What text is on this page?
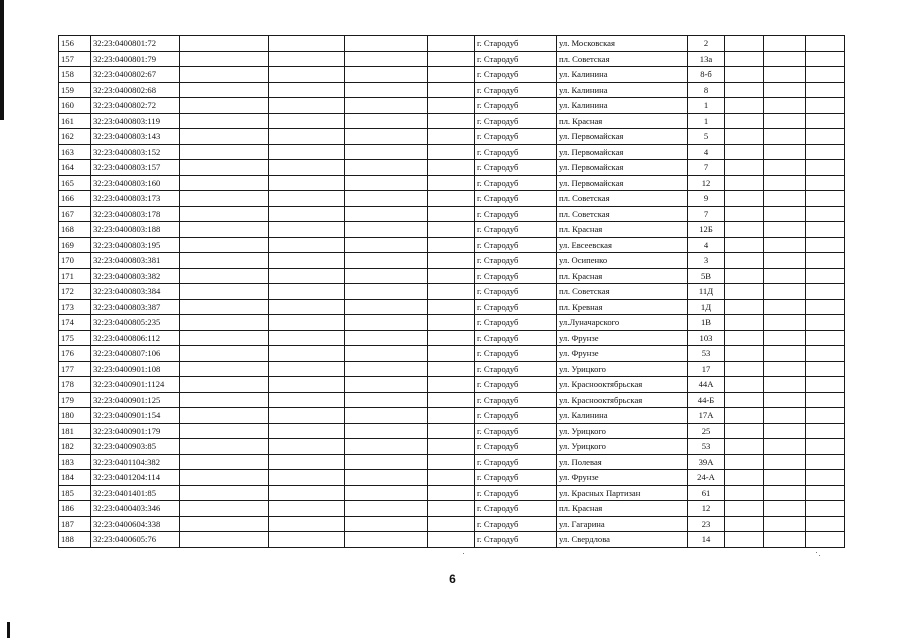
156	32:23:0400801:72					г. Стародуб	ул. Московская	2			
157	32:23:0400801:79					г. Стародуб	пл. Советская	13а			
158	32:23:0400802:67					г. Стародуб	ул. Калинина	8-б			
159	32:23:0400802:68					г. Стародуб	ул. Калинина	8			
160	32:23:0400802:72					г. Стародуб	ул. Калинина	1			
161	32:23:0400803:119					г. Стародуб	пл. Красная	1			
162	32:23:0400803:143					г. Стародуб	ул. Первомайская	5			
163	32:23:0400803:152					г. Стародуб	ул. Первомайская	4			
164	32:23:0400803:157					г. Стародуб	ул. Первомайская	7			
165	32:23:0400803:160					г. Стародуб	ул. Первомайская	12			
166	32:23:0400803:173					г. Стародуб	пл. Советская	9			
167	32:23:0400803:178					г. Стародуб	пл. Советская	7			
168	32:23:0400803:188					г. Стародуб	пл. Красная	12Б			
169	32:23:0400803:195					г. Стародуб	ул. Евсеевская	4			
170	32:23:0400803:381					г. Стародуб	ул. Осипенко	3			
171	32:23:0400803:382					г. Стародуб	пл. Красная	5В			
172	32:23:0400803:384					г. Стародуб	пл. Советская	11Д			
173	32:23:0400803:387					г. Стародуб	пл. Кревная	1Д			
174	32:23:0400805:235					г. Стародуб	ул.Луначарского	1В			
175	32:23:0400806:112					г. Стародуб	ул. Фрунзе	103			
176	32:23:0400807:106					г. Стародуб	ул. Фрунзе	53			
177	32:23:0400901:108					г. Стародуб	ул. Урицкого	17			
178	32:23:0400901:1124					г. Стародуб	ул. Краснооктябрьская	44А			
179	32:23:0400901:125					г. Стародуб	ул. Краснооктябрьская	44-Б			
180	32:23:0400901:154					г. Стародуб	ул. Калинина	17А			
181	32:23:0400901:179					г. Стародуб	ул. Урицкого	25			
182	32:23:0400903:85					г. Стародуб	ул. Урицкого	53			
183	32:23:0401104:382					г. Стародуб	ул. Полевая	39А			
184	32:23:0401204:114					г. Стародуб	ул. Фрунзе	24-А			
185	32:23:0401401:85					г. Стародуб	ул. Красных Партизан	61			
186	32:23:0400403:346					г. Стародуб	пл. Красная	12			
187	32:23:0400604:338					г. Стародуб	ул. Гагарина	23			
188	32:23:0400605:76					г. Стародуб	ул. Свердлова	14			
6
